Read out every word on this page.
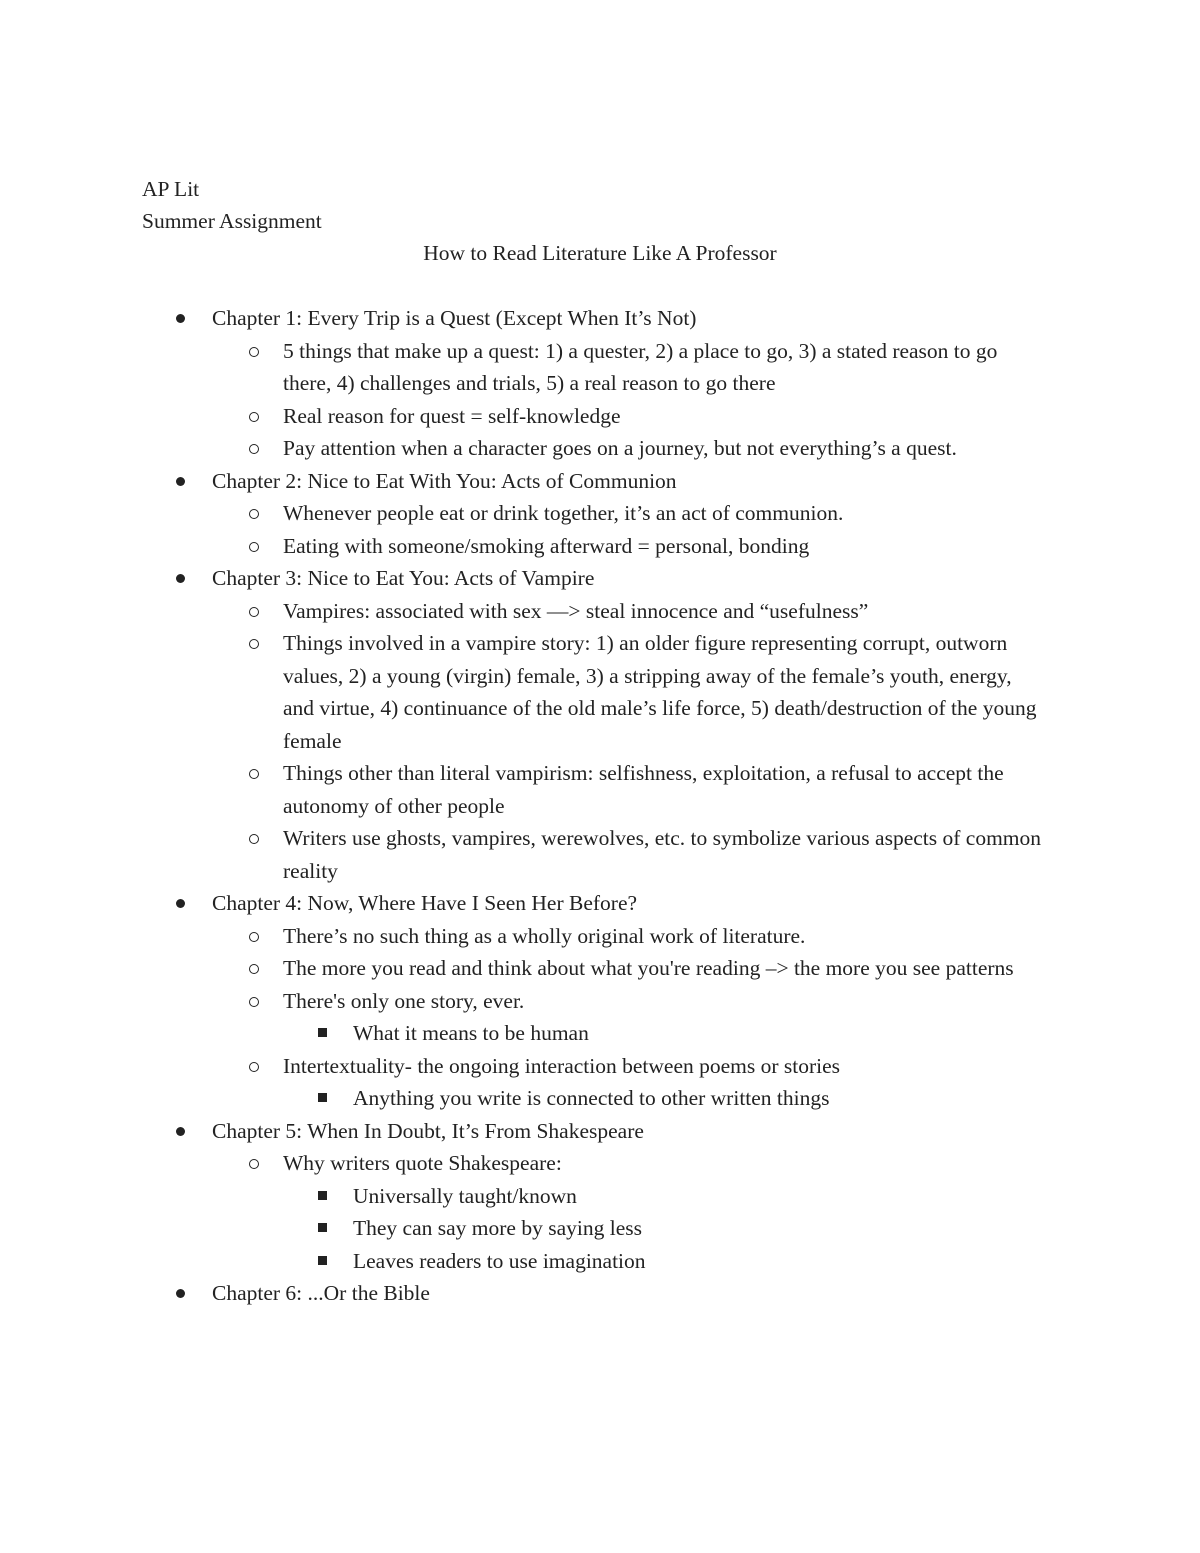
AP Lit
Summer Assignment
How to Read Literature Like A Professor
Chapter 1: Every Trip is a Quest (Except When It’s Not)
5 things that make up a quest: 1) a quester, 2) a place to go, 3) a stated reason to go there, 4) challenges and trials, 5) a real reason to go there
Real reason for quest = self-knowledge
Pay attention when a character goes on a journey, but not everything’s a quest.
Chapter 2: Nice to Eat With You: Acts of Communion
Whenever people eat or drink together, it’s an act of communion.
Eating with someone/smoking afterward = personal, bonding
Chapter 3: Nice to Eat You: Acts of Vampire
Vampires: associated with sex —> steal innocence and “usefulness”
Things involved in a vampire story: 1) an older figure representing corrupt, outworn values, 2) a young (virgin) female, 3) a stripping away of the female’s youth, energy, and virtue, 4) continuance of the old male’s life force, 5) death/destruction of the young female
Things other than literal vampirism: selfishness, exploitation, a refusal to accept the autonomy of other people
Writers use ghosts, vampires, werewolves, etc. to symbolize various aspects of common reality
Chapter 4: Now, Where Have I Seen Her Before?
There’s no such thing as a wholly original work of literature.
The more you read and think about what you're reading –> the more you see patterns
There's only one story, ever.
What it means to be human
Intertextuality- the ongoing interaction between poems or stories
Anything you write is connected to other written things
Chapter 5: When In Doubt, It’s From Shakespeare
Why writers quote Shakespeare:
Universally taught/known
They can say more by saying less
Leaves readers to use imagination
Chapter 6: ...Or the Bible
